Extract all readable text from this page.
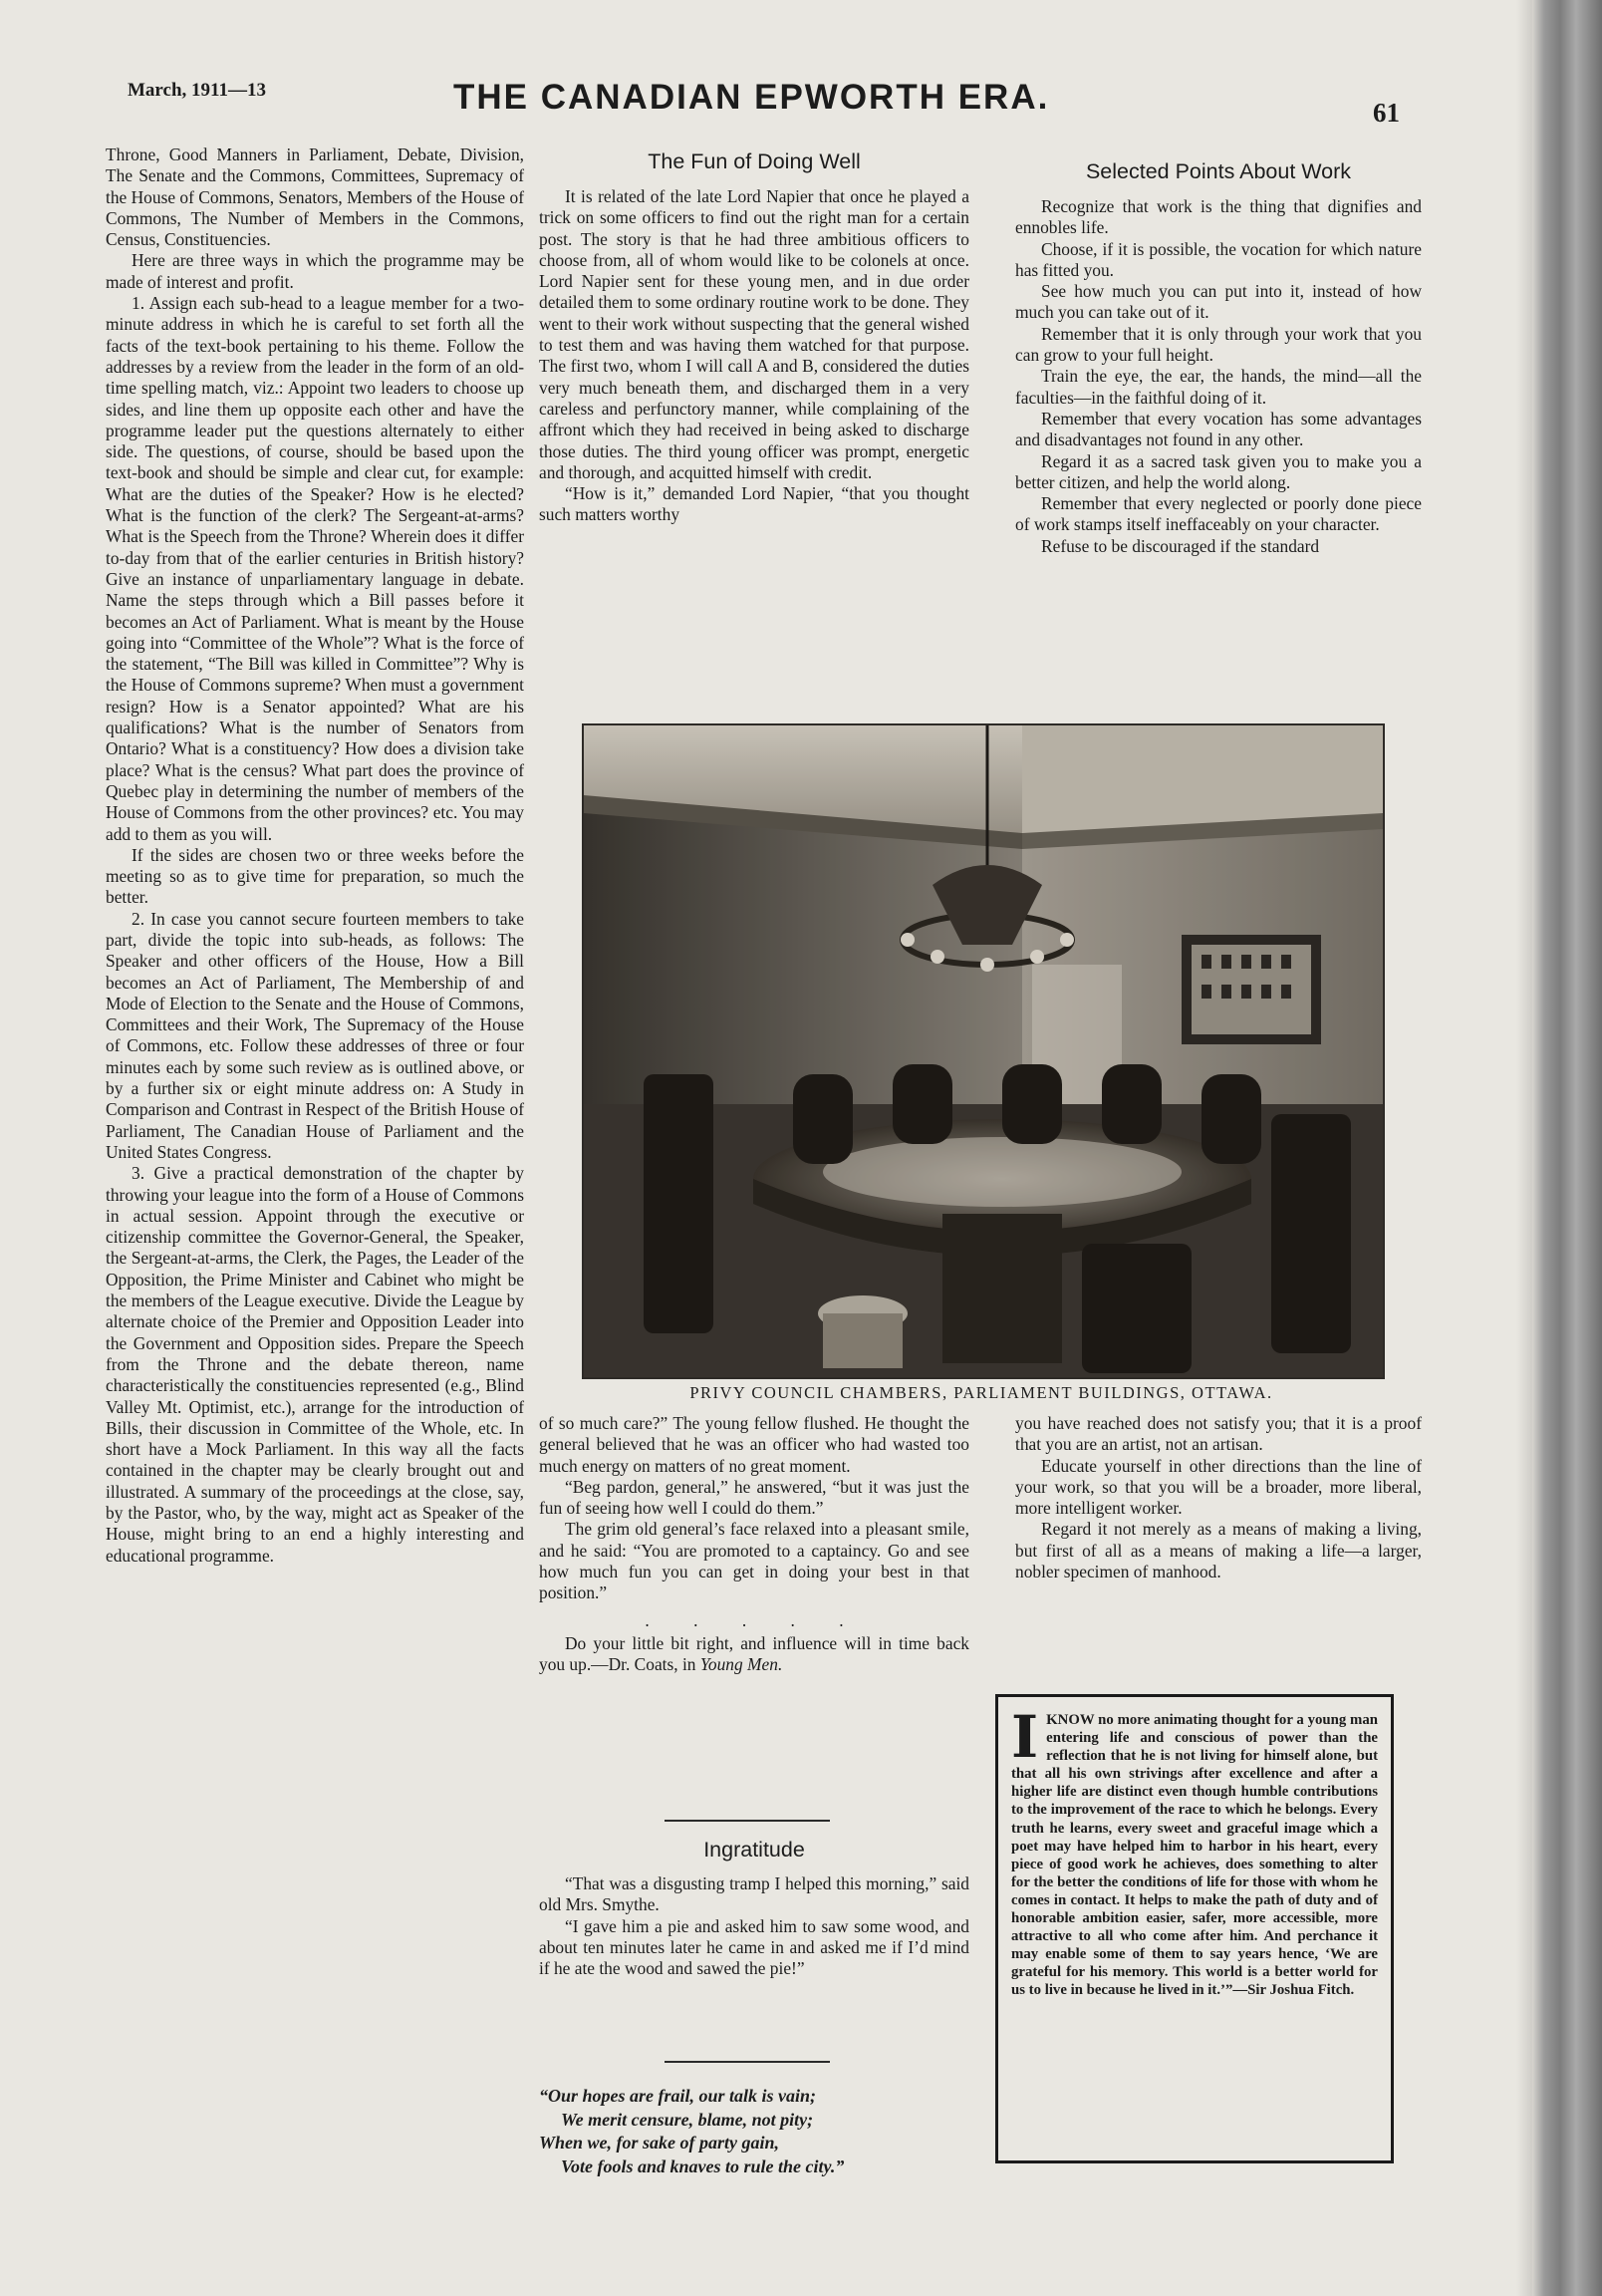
March, 1911—13	THE CANADIAN EPWORTH ERA.	61

Throne, Good Manners in Parliament, Debate, Division, The Senate and the Commons, Committees, Supremacy of the House of Commons, Senators, Members of the House of Commons, The Number of Members in the Commons, Census, Constituencies.

Here are three ways in which the programme may be made of interest and profit.

1. Assign each sub-head to a league member for a two-minute address in which he is careful to set forth all the facts of the text-book pertaining to his theme. Follow the addresses by a review from the leader in the form of an old-time spelling match, viz.: Appoint two leaders to choose up sides, and line them up opposite each other and have the programme leader put the questions alternately to either side. The questions, of course, should be based upon the text-book and should be simple and clear cut, for example: What are the duties of the Speaker? How is he elected? What is the function of the clerk? The Sergeant-at-arms? What is the Speech from the Throne? Wherein does it differ to-day from that of the earlier centuries in British history? Give an instance of unparliamentary language in debate. Name the steps through which a Bill passes before it becomes an Act of Parliament. What is meant by the House going into “Committee of the Whole”? What is the force of the statement, “The Bill was killed in Committee”? Why is the House of Commons supreme? When must a government resign? How is a Senator appointed? What are his qualifications? What is the number of Senators from Ontario? What is a constituency? How does a division take place? What is the census? What part does the province of Quebec play in determining the number of members of the House of Commons from the other provinces? etc. You may add to them as you will.

If the sides are chosen two or three weeks before the meeting so as to give time for preparation, so much the better.

2. In case you cannot secure fourteen members to take part, divide the topic into sub-heads, as follows: The Speaker and other officers of the House, How a Bill becomes an Act of Parliament, The Membership of and Mode of Election to the Senate and the House of Commons, Committees and their Work, The Supremacy of the House of Commons, etc. Follow these addresses of three or four minutes each by some such review as is outlined above, or by a further six or eight minute address on: A Study in Comparison and Contrast in Respect of the British House of Parliament, The Canadian House of Parliament and the United States Congress.

3. Give a practical demonstration of the chapter by throwing your league into the form of a House of Commons in actual session. Appoint through the executive or citizenship committee the Governor-General, the Speaker, the Sergeant-at-arms, the Clerk, the Pages, the Leader of the Opposition, the Prime Minister and Cabinet who might be the members of the League executive. Divide the League by alternate choice of the Premier and Opposition Leader into the Government and Opposition sides. Prepare the Speech from the Throne and the debate thereon, name characteristically the constituencies represented (e.g., Blind Valley Mt. Optimist, etc.), arrange for the introduction of Bills, their discussion in Committee of the Whole, etc. In short have a Mock Parliament. In this way all the facts contained in the chapter may be clearly brought out and illustrated. A summary of the proceedings at the close, say, by the Pastor, who, by the way, might act as Speaker of the House, might bring to an end a highly interesting and educational programme.

The Fun of Doing Well

It is related of the late Lord Napier that once he played a trick on some officers to find out the right man for a certain post. The story is that he had three ambitious officers to choose from, all of whom would like to be colonels at once. Lord Napier sent for these young men, and in due order detailed them to some ordinary routine work to be done. They went to their work without suspecting that the general wished to test them and was having them watched for that purpose. The first two, whom I will call A and B, considered the duties very much beneath them, and discharged them in a very careless and perfunctory manner, while complaining of the affront which they had received in being asked to discharge those duties. The third young officer was prompt, energetic and thorough, and acquitted himself with credit.

“How is it,” demanded Lord Napier, “that you thought such matters worthy

Selected Points About Work

Recognize that work is the thing that dignifies and ennobles life.

Choose, if it is possible, the vocation for which nature has fitted you.

See how much you can put into it, instead of how much you can take out of it.

Remember that it is only through your work that you can grow to your full height.

Train the eye, the ear, the hands, the mind—all the faculties—in the faithful doing of it.

Remember that every vocation has some advantages and disadvantages not found in any other.

Regard it as a sacred task given you to make you a better citizen, and help the world along.

Remember that every neglected or poorly done piece of work stamps itself ineffaceably on your character.

Refuse to be discouraged if the standard

PRIVY COUNCIL CHAMBERS, PARLIAMENT BUILDINGS, OTTAWA.

of so much care?” The young fellow flushed. He thought the general believed that he was an officer who had wasted too much energy on matters of no great moment.

“Beg pardon, general,” he answered, “but it was just the fun of seeing how well I could do them.”

The grim old general’s face relaxed into a pleasant smile, and he said: “You are promoted to a captaincy. Go and see how much fun you can get in doing your best in that position.”

. . . . .

Do your little bit right, and influence will in time back you up.—Dr. Coats, in Young Men.

Ingratitude

“That was a disgusting tramp I helped this morning,” said old Mrs. Smythe.

“I gave him a pie and asked him to saw some wood, and about ten minutes later he came in and asked me if I’d mind if he ate the wood and sawed the pie!”

“Our hopes are frail, our talk is vain;
We merit censure, blame, not pity;
When we, for sake of party gain,
Vote fools and knaves to rule the city.”

you have reached does not satisfy you; that it is a proof that you are an artist, not an artisan.

Educate yourself in other directions than the line of your work, so that you will be a broader, more liberal, more intelligent worker.

Regard it not merely as a means of making a living, but first of all as a means of making a life—a larger, nobler specimen of manhood.

IKNOW no more animating thought for a young man entering life and conscious of power than the reflection that he is not living for himself alone, but that all his own strivings after excellence and after a higher life are distinct even though humble contributions to the improvement of the race to which he belongs. Every truth he learns, every sweet and graceful image which a poet may have helped him to harbor in his heart, every piece of good work he achieves, does something to alter for the better the conditions of life for those with whom he comes in contact. It helps to make the path of duty and of honorable ambition easier, safer, more accessible, more attractive to all who come after him. And perchance it may enable some of them to say years hence, ‘We are grateful for his memory. This world is a better world for us to live in because he lived in it.’”—Sir Joshua Fitch.
